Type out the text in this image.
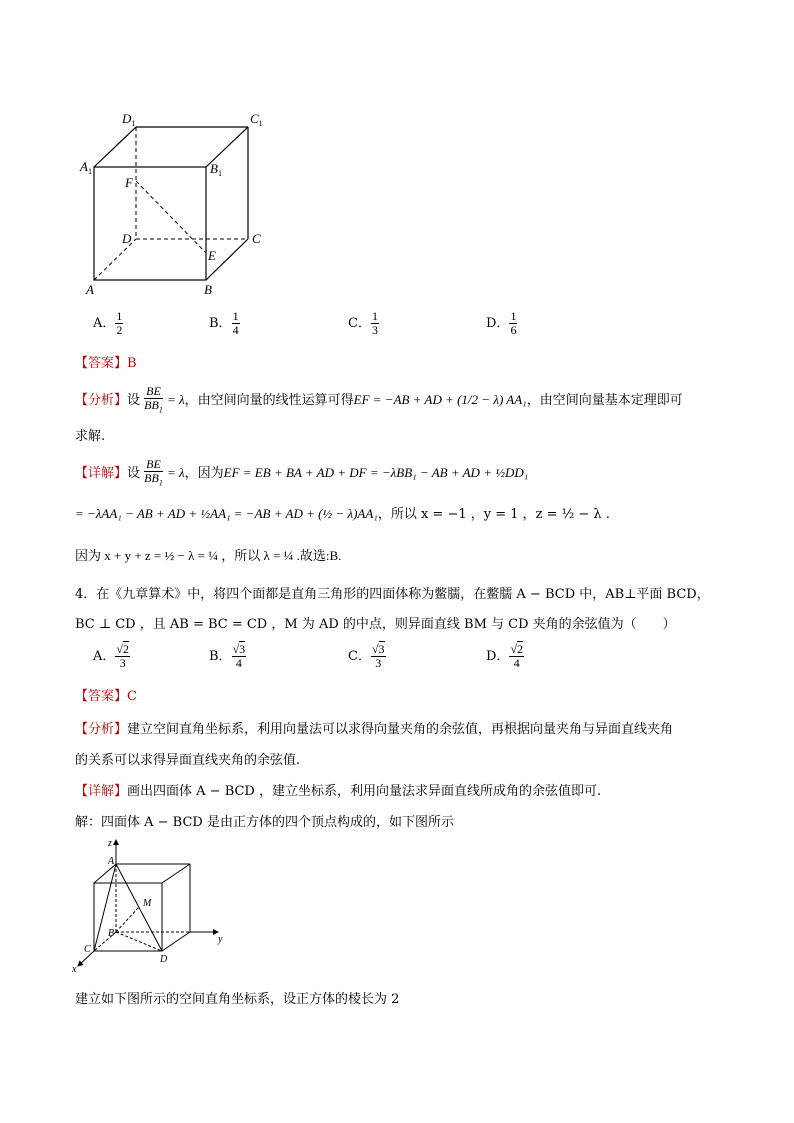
$D_1$	$C_1$
$A_1$	$B_1$
F
D	C
E
A	B
A． $\frac{1}{2}$	B． $\frac{1}{4}$	C． $\frac{1}{3}$	D． $\frac{1}{6}$
【答案】B
【分析】设 $\frac{BE}{BB_1} = \lambda$，由空间向量的线性运算可得EF = −AB + AD + (1/2 − λ) AA₁，由空间向量基本定理即可
求解.
【详解】设 $\frac{BE}{BB_1} = \lambda$，因为EF = EB + BA + AD + DF = −λBB₁ − AB + AD + ½DD₁
= −λAA₁ − AB + AD + ½AA₁ = −AB + AD + (½ − λ)AA₁，所以 x = −1 ，y = 1 ，z = ½ − λ .
因为 x + y + z = ½ − λ = ¼ ，所以 λ = ¼ .故选:B.
4．在《九章算术》中，将四个面都是直角三角形的四面体称为鳖臑，在鳖臑 A − BCD 中，AB⊥平面 BCD，
BC ⊥ CD ，且 AB = BC = CD ，M 为 AD 的中点，则异面直线 BM 与 CD 夹角的余弦值为（　　）
A． $\frac{√2}{3}$	B． $\frac{√3}{4}$	C． $\frac{√3}{3}$	D． $\frac{√2}{4}$
【答案】C
【分析】建立空间直角坐标系，利用向量法可以求得向量夹角的余弦值，再根据向量夹角与异面直线夹角
的关系可以求得异面直线夹角的余弦值.
【详解】画出四面体 A − BCD ，建立坐标系，利用向量法求异面直线所成角的余弦值即可.
解：四面体 A − BCD 是由正方体的四个顶点构成的，如下图所示
z
A
M
B
C
D
y
x
建立如下图所示的空间直角坐标系，设正方体的棱长为 2
